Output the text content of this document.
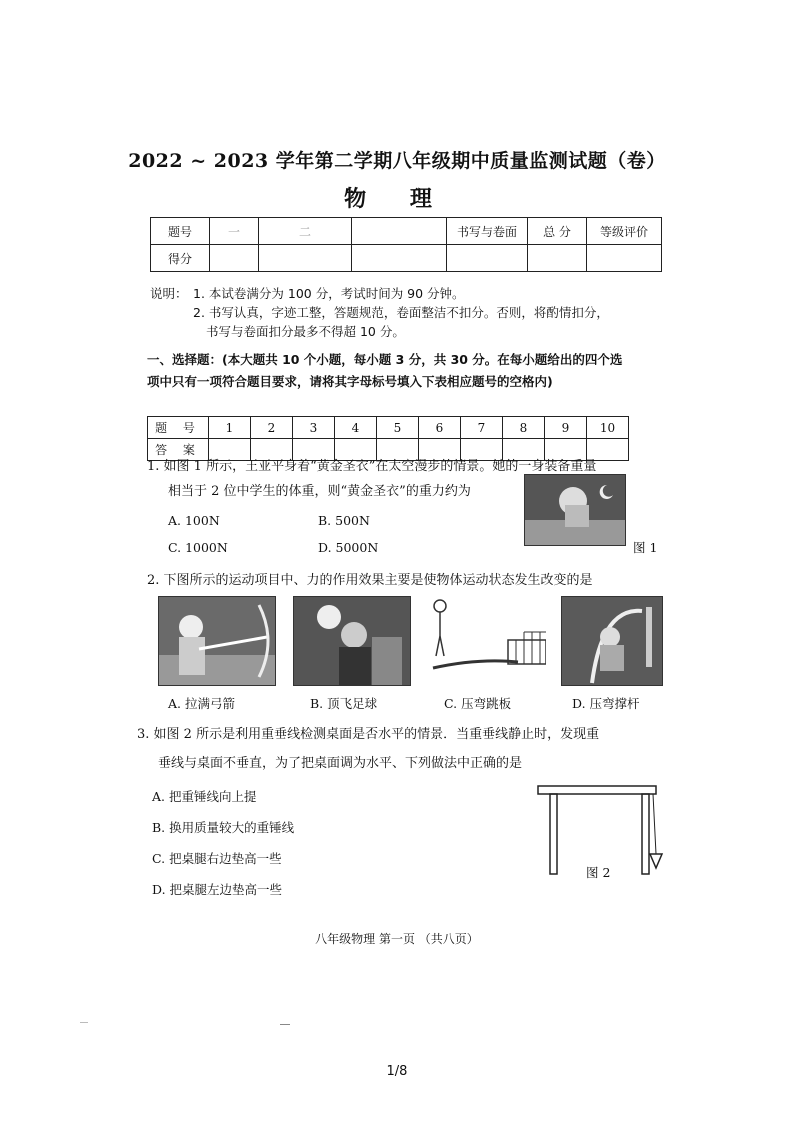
2022 ~ 2023 学年第二学期八年级期中质量监测试题（卷）
物 理
题号	一	二		书写与卷面	总 分	等级评价
得分						
说明： 1. 本试卷满分为 100 分，考试时间为 90 分钟。
2. 书写认真，字迹工整，答题规范，卷面整洁不扣分。否则，将酌情扣分，
书写与卷面扣分最多不得超 10 分。
一、选择题：(本大题共 10 个小题，每小题 3 分，共 30 分。在每小题给出的四个选
项中只有一项符合题目要求，请将其字母标号填入下表相应题号的空格内)
题 号	1	2	3	4	5	6	7	8	9	10
答 案										
1. 如图 1 所示，王亚平身着“黄金圣衣”在太空漫步的情景。她的一身装备重量
相当于 2 位中学生的体重，则“黄金圣衣”的重力约为
A. 100N	B. 500N
C. 1000N	D. 5000N	图 1
2. 下图所示的运动项目中、力的作用效果主要是使物体运动状态发生改变的是
A. 拉满弓箭	B. 顶飞足球	C. 压弯跳板	D. 压弯撑杆
3. 如图 2 所示是利用重垂线检测桌面是否水平的情景．当重垂线静止时，发现重
垂线与桌面不垂直，为了把桌面调为水平、下列做法中正确的是
A. 把重锤线向上提
B. 换用质量较大的重锤线
C. 把桌腿右边垫高一些
D. 把桌腿左边垫高一些
图 2
八年级物理 第一页 （共八页）
1/8
